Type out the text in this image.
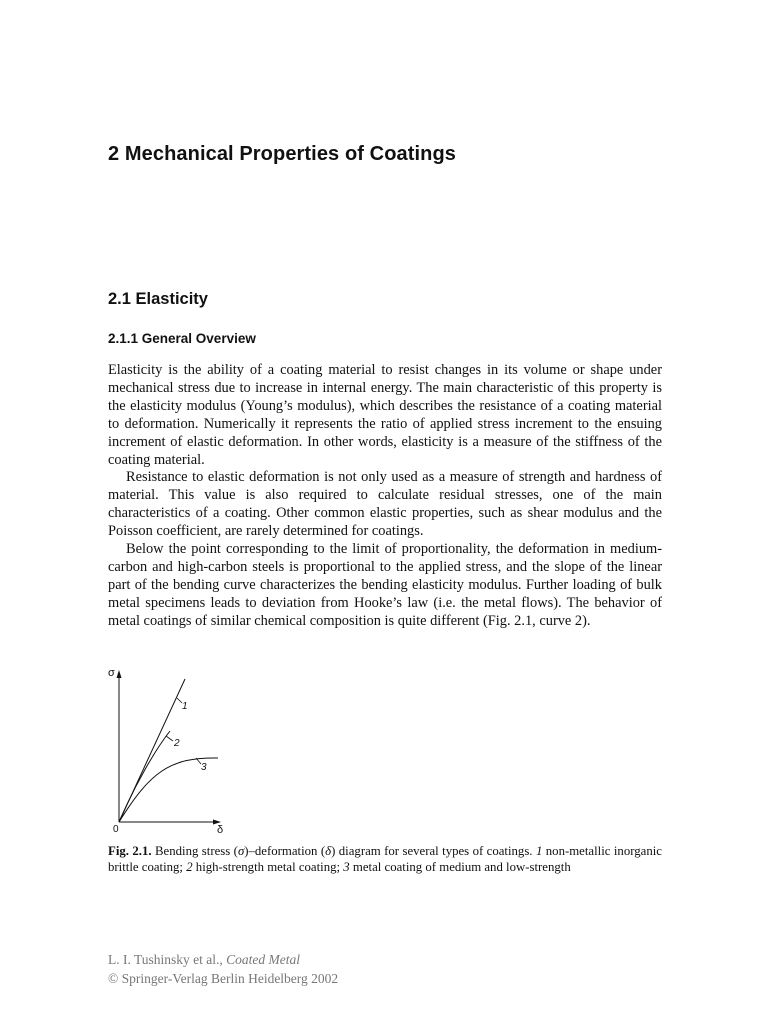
2 Mechanical Properties of Coatings
2.1 Elasticity
2.1.1 General Overview

Elasticity is the ability of a coating material to resist changes in its volume or shape under mechanical stress due to increase in internal energy. The main characteristic of this property is the elasticity modulus (Young’s modulus), which describes the resistance of a coating material to deformation. Numerically it represents the ratio of applied stress increment to the ensuing increment of elastic deformation. In other words, elasticity is a measure of the stiffness of the coating material.

Resistance to elastic deformation is not only used as a measure of strength and hardness of material. This value is also required to calculate residual stresses, one of the main characteristics of a coating. Other common elastic properties, such as shear modulus and the Poisson coefficient, are rarely determined for coatings.

Below the point corresponding to the limit of proportionality, the deformation in medium-carbon and high-carbon steels is proportional to the applied stress, and the slope of the linear part of the bending curve characterizes the bending elasticity modulus. Further loading of bulk metal specimens leads to deviation from Hooke’s law (i.e. the metal flows). The behavior of metal coatings of similar chemical composition is quite different (Fig. 2.1, curve 2).

σ
δ
0
1
2
3
Fig. 2.1. Bending stress (σ)–deformation (δ) diagram for several types of coatings. 1 non-metallic inorganic brittle coating; 2 high-strength metal coating; 3 metal coating of medium and low-strength
L. I. Tushinsky et al., Coated Metal
© Springer-Verlag Berlin Heidelberg 2002
